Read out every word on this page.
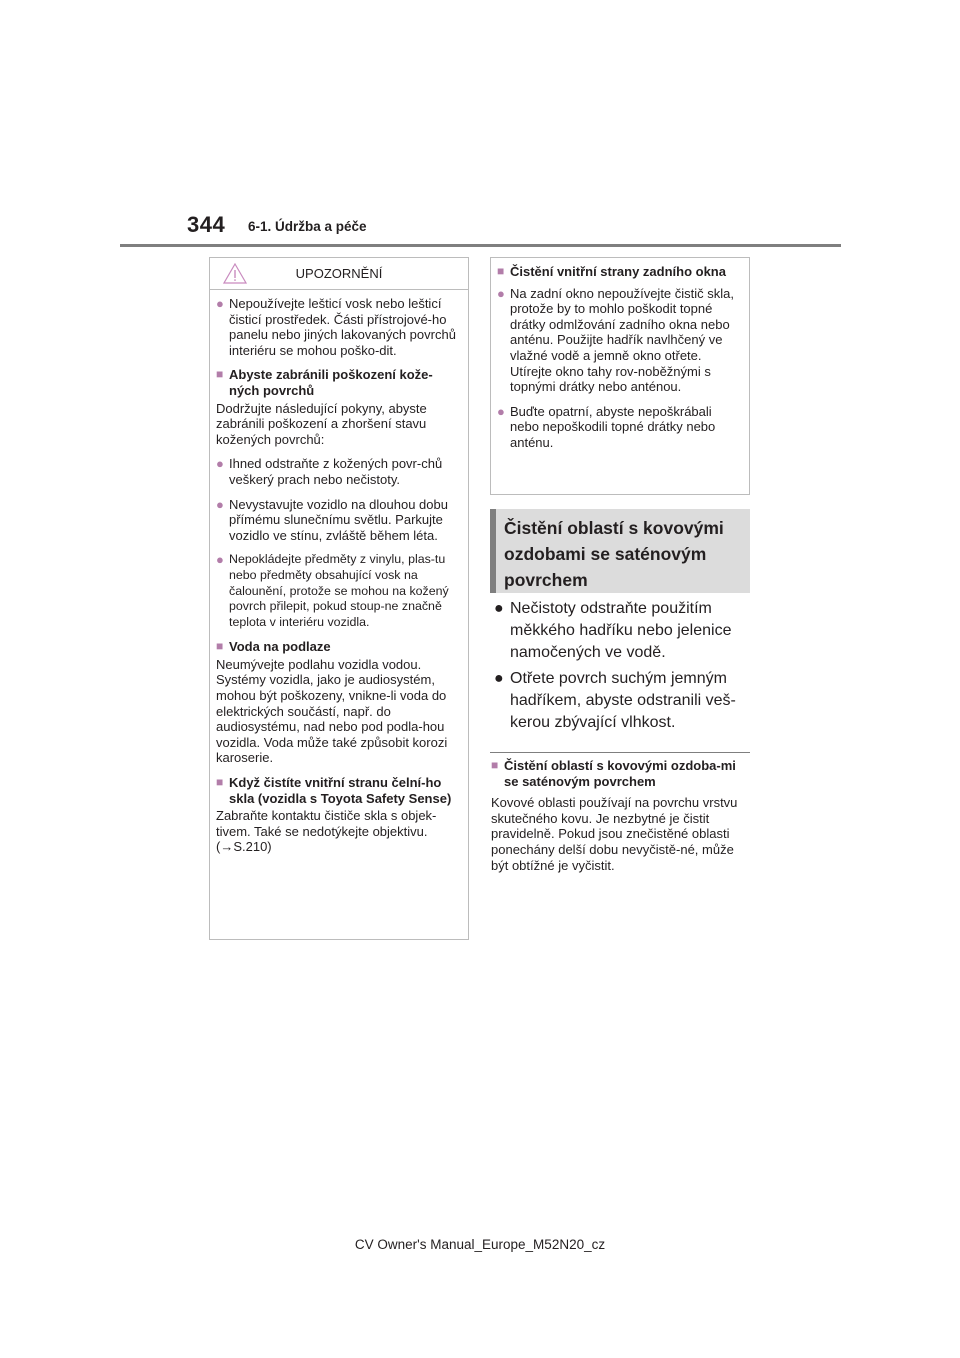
344 6-1. Údržba a péče
UPOZORNĚNÍ
● Nepoužívejte lešticí vosk nebo lešticí čisticí prostředek. Části přístrojové-ho panelu nebo jiných lakovaných povrchů interiéru se mohou poško-dit.
■ Abyste zabránili poškození kože-ných povrchů
Dodržujte následující pokyny, abyste zabránili poškození a zhoršení stavu kožených povrchů:
● Ihned odstraňte z kožených povr-chů veškerý prach nebo nečistoty.
● Nevystavujte vozidlo na dlouhou dobu přímému slunečnímu světlu. Parkujte vozidlo ve stínu, zvláště během léta.
● Nepokládejte předměty z vinylu, plas-tu nebo předměty obsahující vosk na čalounění, protože se mohou na kožený povrch přilepit, pokud stoup-ne značně teplota v interiéru vozidla.
■ Voda na podlaze
Neumývejte podlahu vozidla vodou. Systémy vozidla, jako je audiosystém, mohou být poškozeny, vnikne-li voda do elektrických součástí, např. do audiosystému, nad nebo pod podla-hou vozidla. Voda může také způsobit korozi karoserie.
■ Když čistíte vnitřní stranu čelní-ho skla (vozidla s Toyota Safety Sense)
Zabraňte kontaktu čističe skla s objek-tivem. Také se nedotýkejte objektivu. (→S.210)
■ Čistění vnitřní strany zadního okna
● Na zadní okno nepoužívejte čistič skla, protože by to mohlo poškodit topné drátky odmlžování zadního okna nebo anténu. Použijte hadřík navlhčený ve vlažné vodě a jemně okno otřete. Utírejte okno tahy rov-noběžnými s topnými drátky nebo anténou.
● Buďte opatrní, abyste nepoškrábali nebo nepoškodili topné drátky nebo anténu.
Čistění oblastí s kovovými ozdobami se saténovým povrchem
● Nečistoty odstraňte použitím měkkého hadříku nebo jelenice namočených ve vodě.
● Otřete povrch suchým jemným hadříkem, abyste odstranili veš-kerou zbývající vlhkost.
■ Čistění oblastí s kovovými ozdoba-mi se saténovým povrchem
Kovové oblasti používají na povrchu vrstvu skutečného kovu. Je nezbytné je čistit pravidelně. Pokud jsou znečistěné oblasti ponechány delší dobu nevyčistě-né, může být obtížné je vyčistit.
CV Owner's Manual_Europe_M52N20_cz
